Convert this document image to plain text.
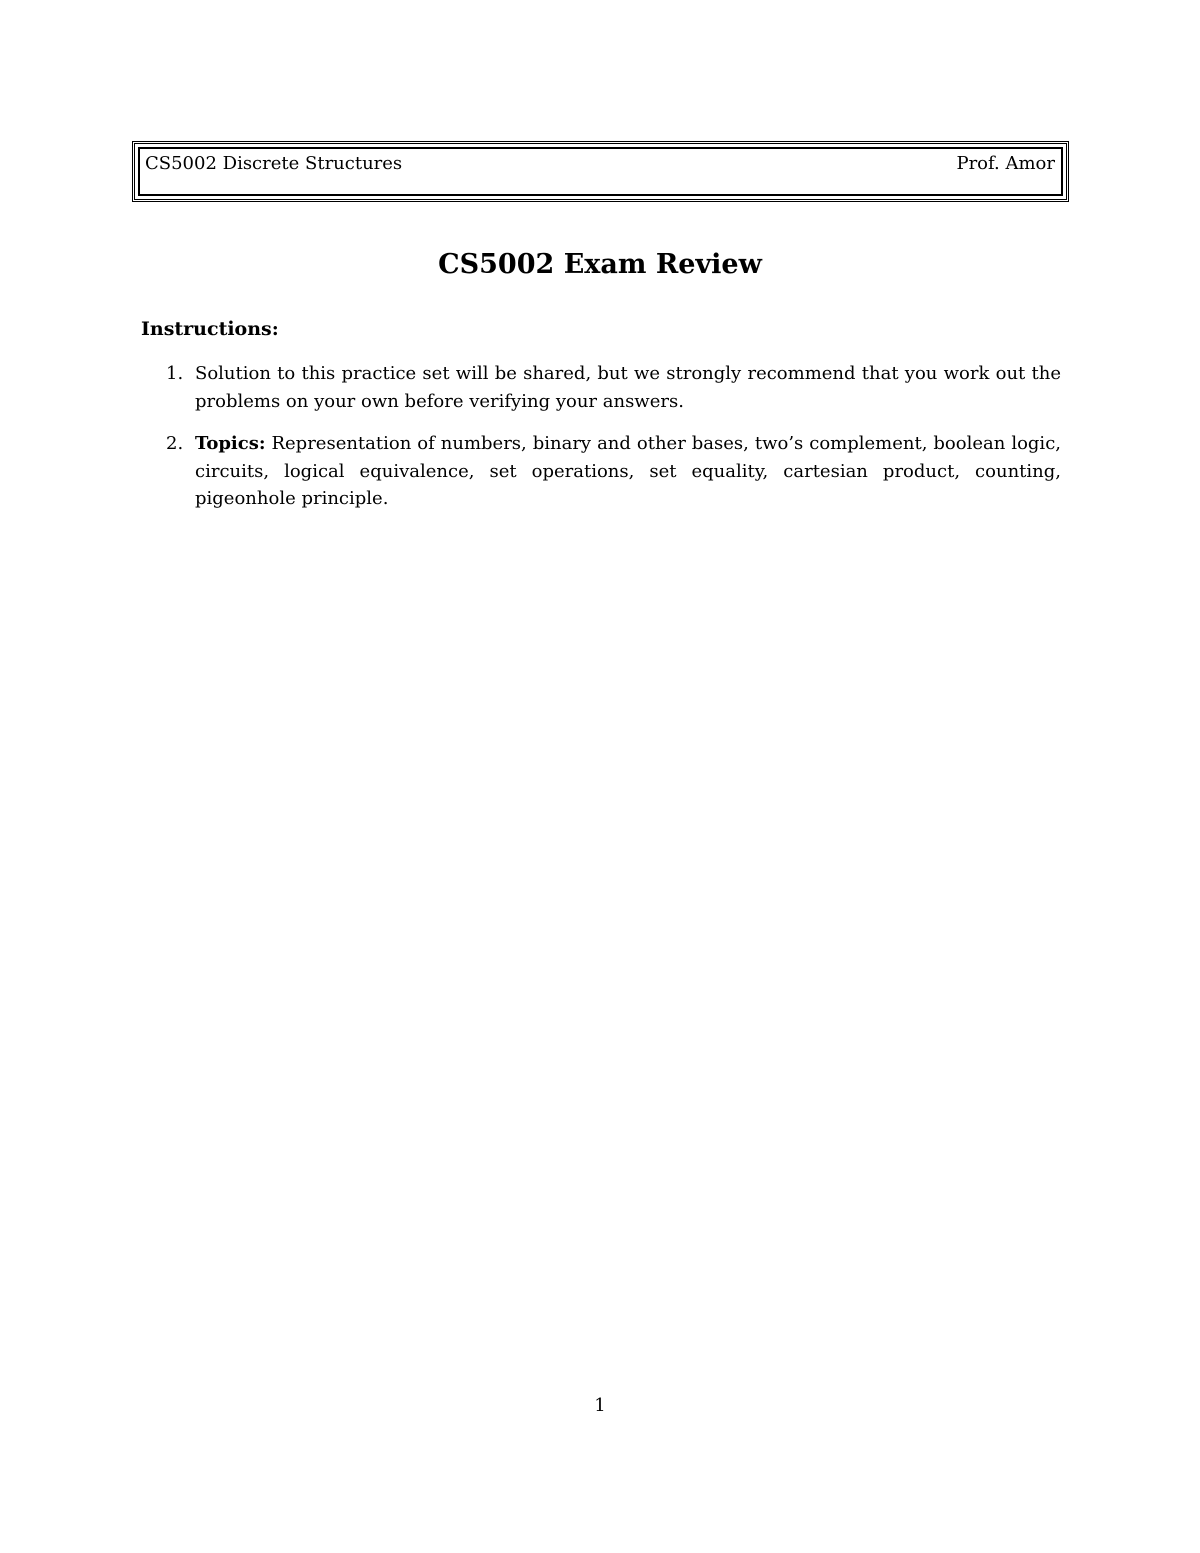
CS5002 Discrete Structures	Prof. Amor
CS5002 Exam Review
Instructions:
1. Solution to this practice set will be shared, but we strongly recommend that you work out the problems on your own before verifying your answers.
2. Topics: Representation of numbers, binary and other bases, two’s complement, boolean logic, circuits, logical equivalence, set operations, set equality, cartesian product, counting, pigeonhole principle.
1
